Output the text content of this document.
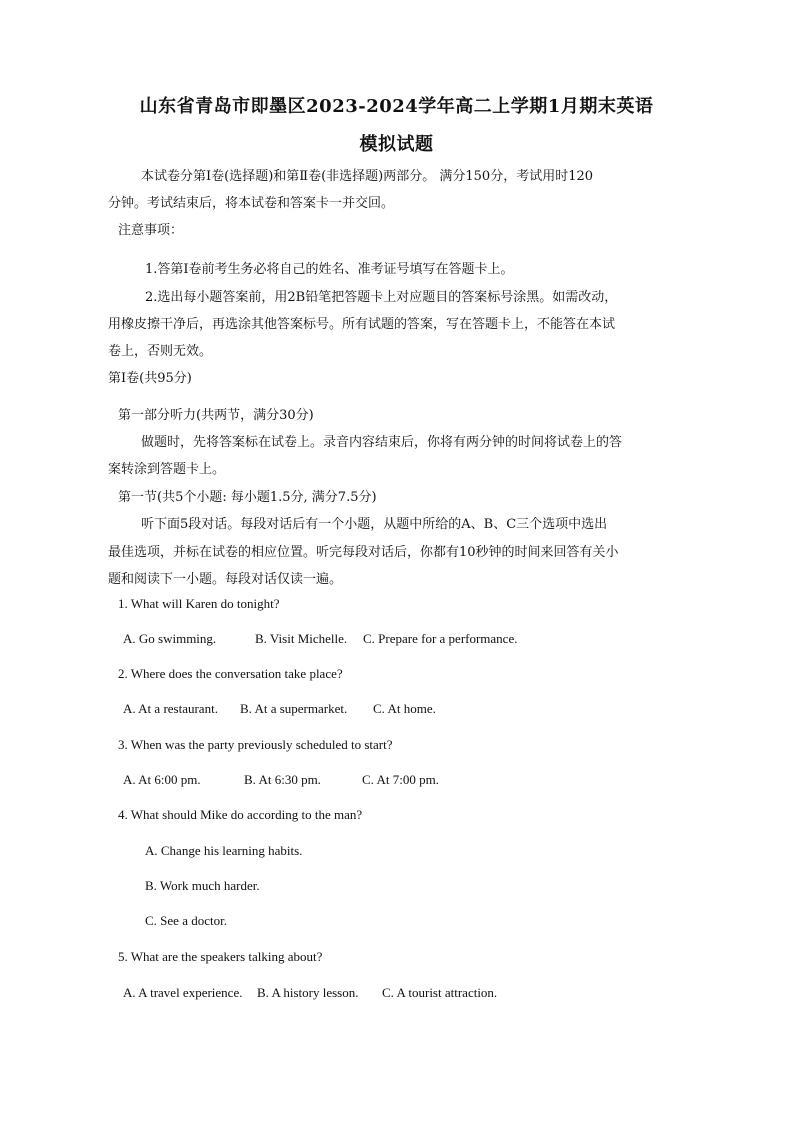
山东省青岛市即墨区2023-2024学年高二上学期1月期末英语
模拟试题
本试卷分第Ⅰ卷(选择题)和第Ⅱ卷(非选择题)两部分。 满分150分，考试用时120
分钟。考试结束后，将本试卷和答案卡一并交回。
注意事项：
1.答第Ⅰ卷前考生务必将自己的姓名、准考证号填写在答题卡上。
2.选出每小题答案前，用2B铅笔把答题卡上对应题目的答案标号涂黑。如需改动，
用橡皮擦干净后，再选涂其他答案标号。所有试题的答案，写在答题卡上，不能答在本试
卷上，否则无效。
第Ⅰ卷(共95分)
第一部分听力(共两节，满分30分)
做题时，先将答案标在试卷上。录音内容结束后，你将有两分钟的时间将试卷上的答
案转涂到答题卡上。
第一节(共5个小题: 每小题1.5分, 满分7.5分)
听下面5段对话。每段对话后有一个小题，从题中所给的A、B、C三个选项中选出
最佳选项，并标在试卷的相应位置。听完每段对话后，你都有10秒钟的时间来回答有关小
题和阅读下一小题。每段对话仅读一遍。
1. What will Karen do tonight?
A. Go swimming.	B. Visit Michelle. C. Prepare for a performance.
2. Where does the conversation take place?
A. At a restaurant. B. At a supermarket. C. At home.
3. When was the party previously scheduled to start?
A. At 6:00 pm.	B. At 6:30 pm.	C. At 7:00 pm.
4. What should Mike do according to the man?
A. Change his learning habits.
B. Work much harder.
C. See a doctor.
5. What are the speakers talking about?
A. A travel experience. B. A history lesson. C. A tourist attraction.
